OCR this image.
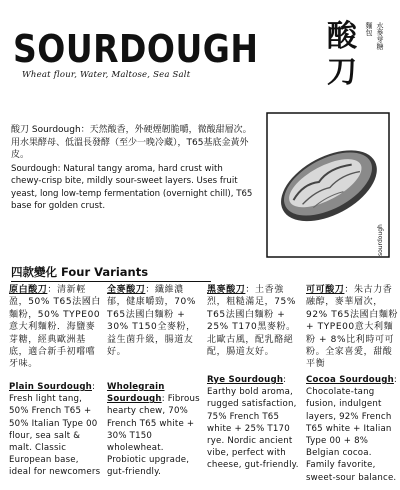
SOURDOUGH
Wheat flour, Water, Maltose, Sea Salt
酸
刀
麵包 水麥芽糖
酸刀 Sourdough：天然酸香，外硬煙韌脆嚼，微酸甜層次。用水果酵母、低溫長發酵（至少一晚冷藏），T65基底金黃外皮。
Sourdough: Natural tangy aroma, hard crust with chewy-crisp bite, mildly sour-sweet layers. Uses fruit yeast, long low-temp fermentation (overnight chill), T65 base for golden crust.
sourdough
四款變化 Four Variants
原白酸刀：清新輕盈，50% T65法國白麵粉，50% TYPE00 意大利麵粉．海鹽麥芽糖，經典歐洲基底，適合新手初嚐嚐牙味。
全麥酸刀：纖維濃郁，健康嚼勁，70% T65法國白麵粉 + 30% T150全麥粉，益生菌升級，腸道友好。
黑麥酸刀：土香強烈，粗糙滿足，75% T65法國白麵粉 + 25% T170黑麥粉。北歐古風，配乳酪絕配，腸道友好。
可可酸刀：朱古力香融醇，麥華層次，92% T65法國白麵粉 + TYPE00意大利麵粉 + 8%比利時可可粉。全家喜愛，甜酸平衡
Plain Sourdough: Fresh light tang, 50% French T65 + 50% Italian Type 00 flour, sea salt & malt. Classic European base, ideal for newcomers
Wholegrain Sourdough: Fibrous hearty chew, 70% French T65 white + 30% T150 wholewheat. Probiotic upgrade, gut-friendly.
Rye Sourdough: Earthy bold aroma, rugged satisfaction, 75% French T65 white + 25% T170 rye. Nordic ancient vibe, perfect with cheese, gut-friendly.
Cocoa Sourdough: Chocolate-tang fusion, indulgent layers, 92% French T65 white + Italian Type 00 + 8% Belgian cocoa. Family favorite, sweet-sour balance.
